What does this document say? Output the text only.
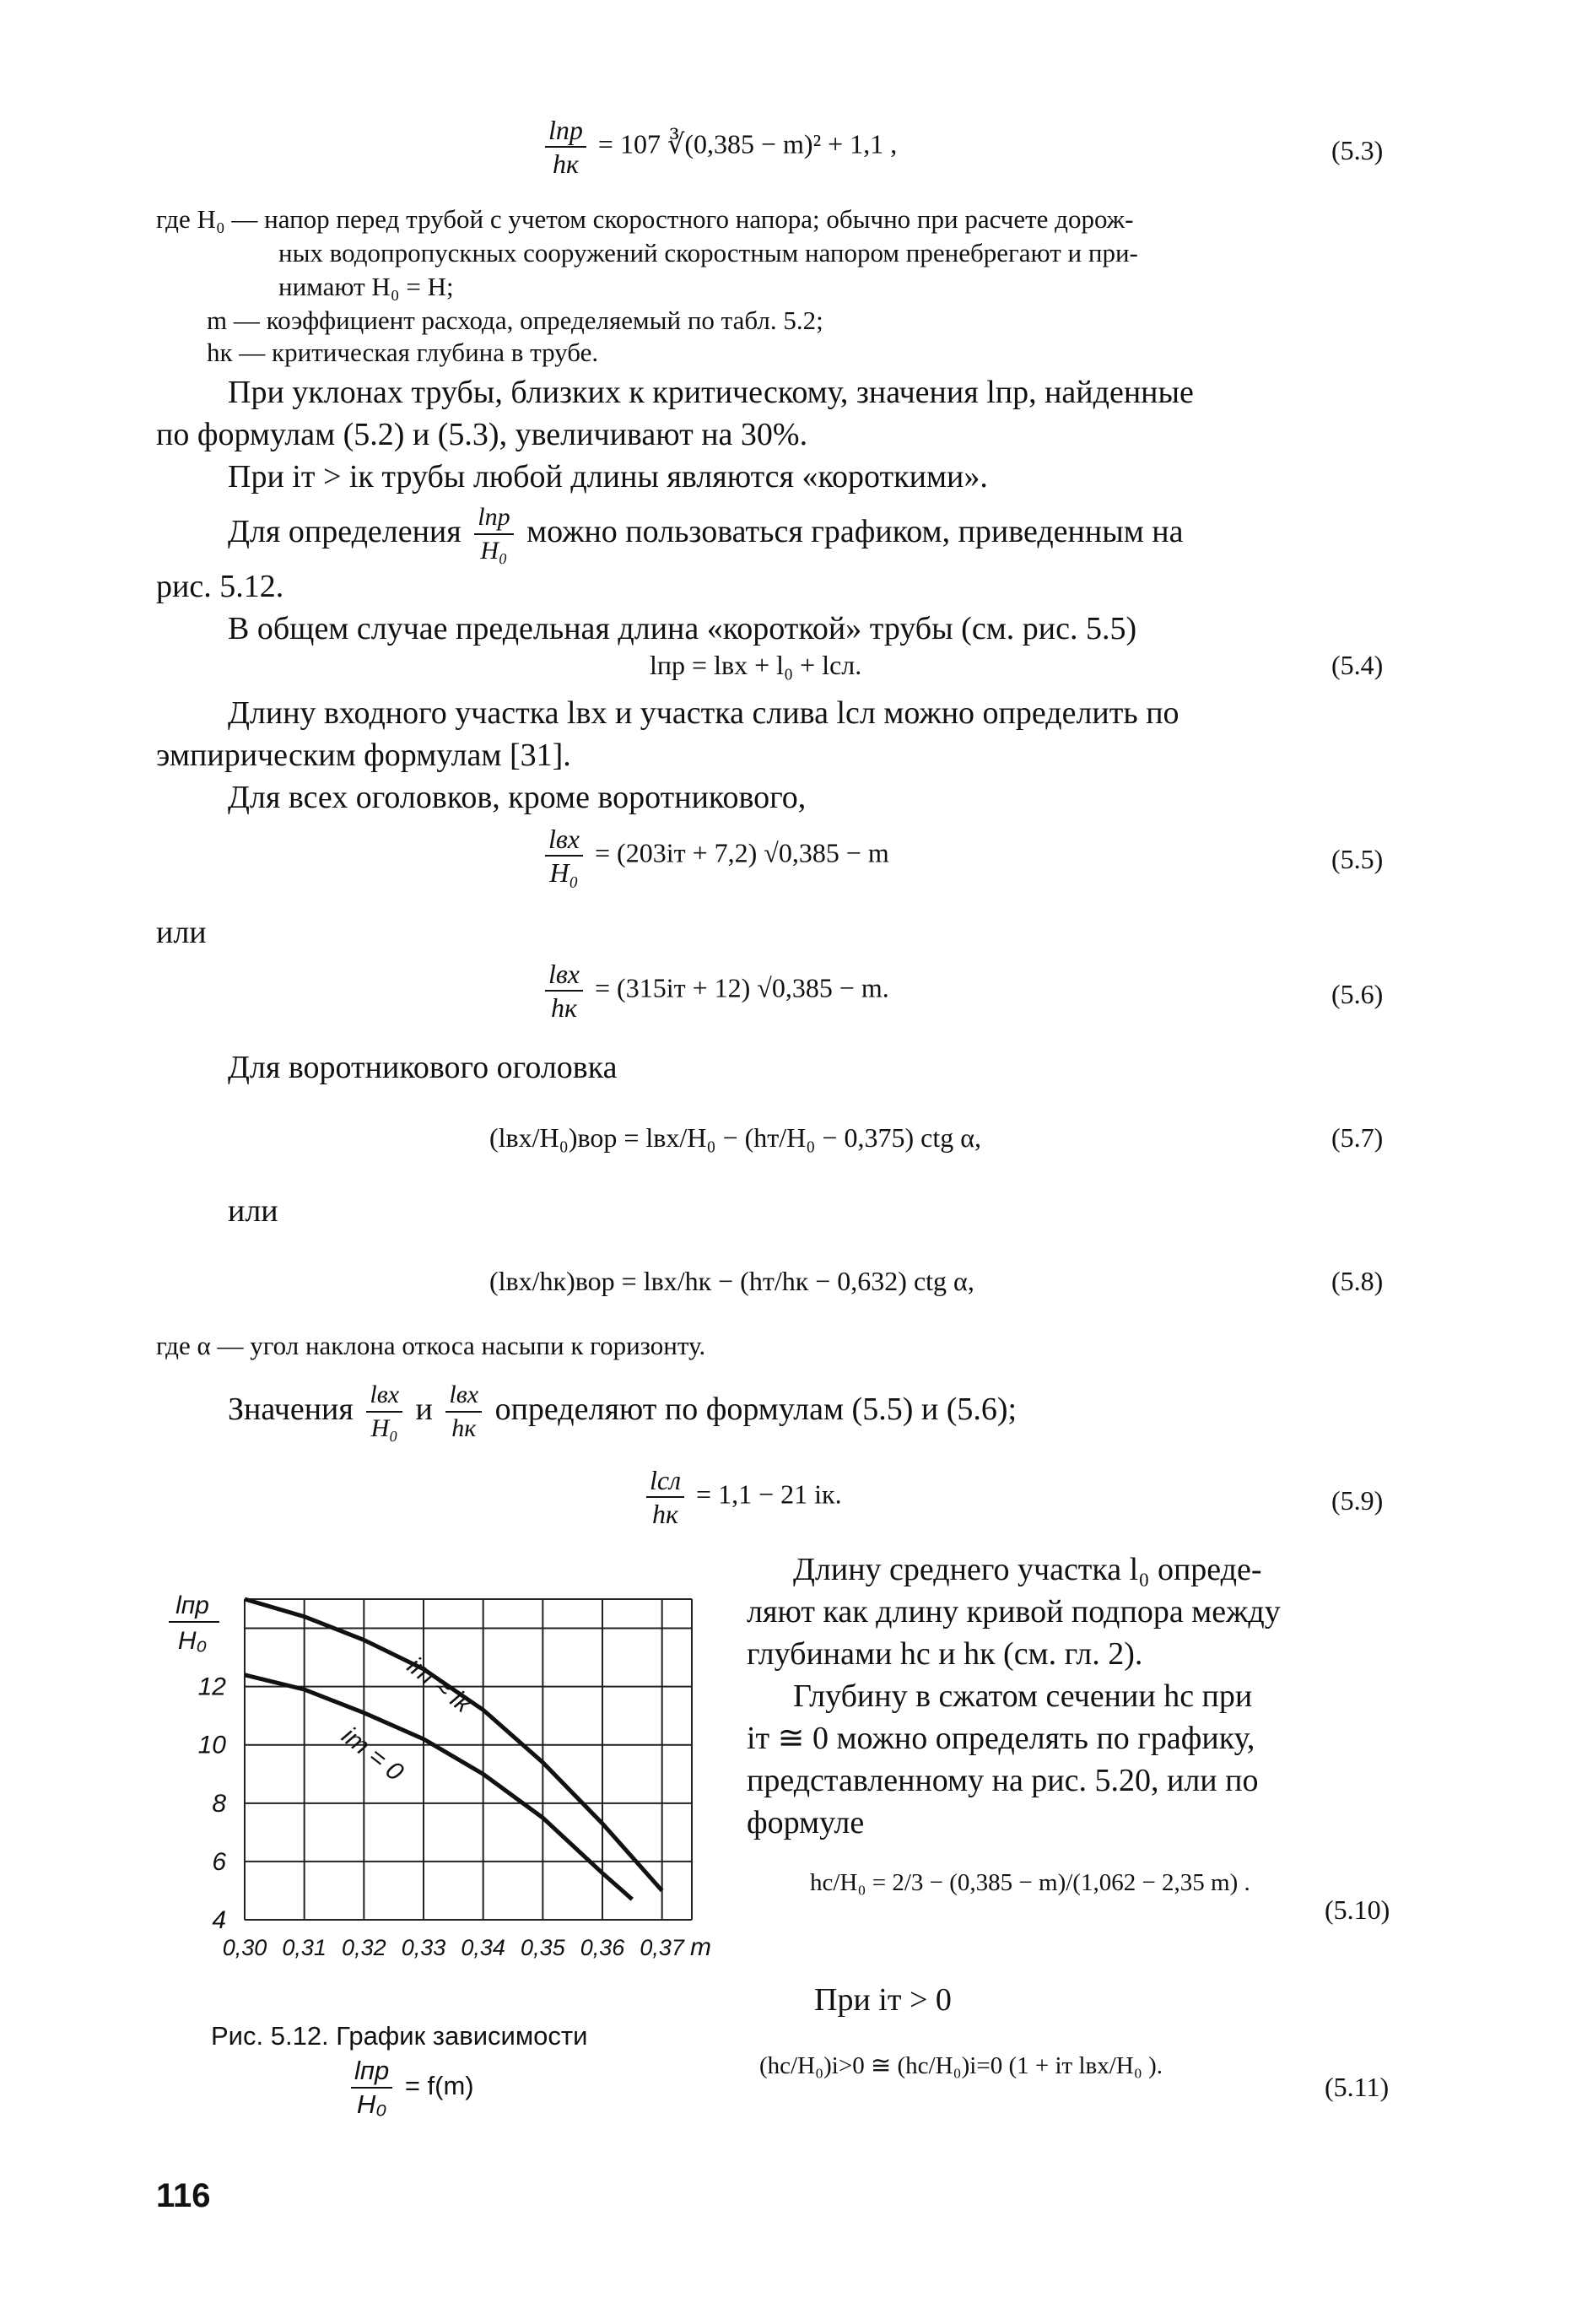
$\frac{\text{lпр}}{hк} = 107$ ∛(0,385 − m)² + 1,1 ,	(5.3)
где H₀ — напор перед трубой с учетом скоростного напора; обычно при расчете дорож-
ных водопропускных сооружений скоростным напором пренебрегают и при-
нимают H₀ = H;
m — коэффициент расхода, определяемый по табл. 5.2;
hк — критическая глубина в трубе.
При уклонах трубы, близких к критическому, значения lпр, найденные
по формулам (5.2) и (5.3), увеличивают на 30%.
При iт > iк трубы любой длины являются «короткими».
Для определения $\frac{\text{lпр}}{\text{H₀}}$ можно пользоваться графиком, приведенным на
рис. 5.12.
В общем случае предельная длина «короткой» трубы (см. рис. 5.5)
lпр = lвх + l₀ + lсл.	(5.4)
Длину входного участка lвх и участка слива lсл можно определить по
эмпирическим формулам [31].
Для всех оголовков, кроме воротникового,
$\frac{\text{lвх}}{\text{H₀}} = (203iт + 7,2) √0,385 - m$	(5.5)
или
$\frac{\text{lвх}}{hк} = (315iт + 12) √0,385 - m$.	(5.6)
Для воротникового оголовка
(lвх/H₀)вор = lвх/H₀ − (hт/H₀ − 0,375) ctg α,	(5.7)
или
(lвх/hк)вор = lвх/hк − (hт/hк − 0,632) ctg α,	(5.8)
где α — угол наклона откоса насыпи к горизонту.
Значения $\frac{\text{lвх}}{\text{H₀}}$ и $\frac{\text{lвх}}{hк}$ определяют по формулам (5.5) и (5.6);
$\frac{\text{lсл}}{hк} = 1,1 - 21$ iк.	(5.9)
Длину среднего участка l₀ опреде-
ляют как длину кривой подпора между
глубинами hс и hк (см. гл. 2).
Глубину в сжатом сечении hс при
iт ≅ 0 можно определять по графику,
представленному на рис. 5.20, или по
формуле
hс/H₀ = 2/3 − (0,385 − m)/(1,062 − 2,35 m) .
(5.10)
При iт > 0
(hс/H₀)i>0 ≅ (hс/H₀)i=0 (1 + iт lвх/H₀ ).
(5.11)
0,30 0,31 0,32 0,33 0,34 0,35 0,36 0,37
4
6
8
10
12
lпр
H₀
m
iт ≈ iк
iт = 0
Рис. 5.12. График зависимости
$\frac{\text{lпр}}{\text{H₀}} = f(m)$
116
